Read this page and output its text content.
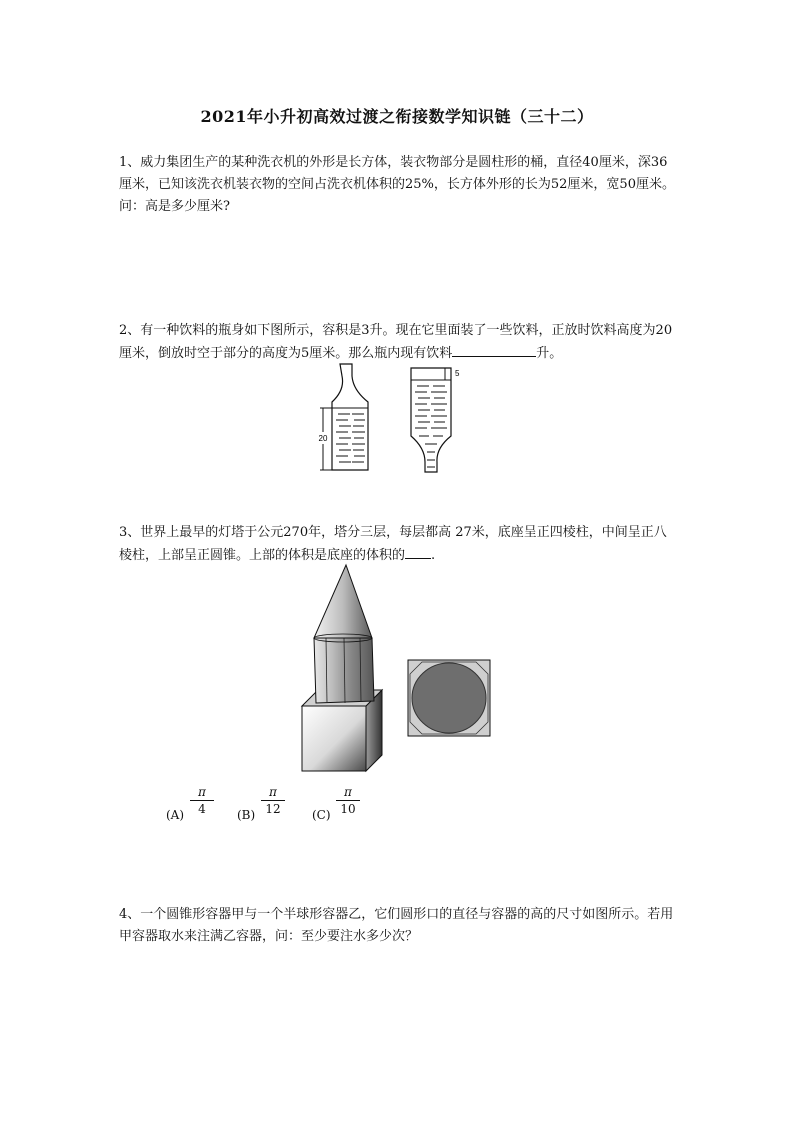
2021年小升初高效过渡之衔接数学知识链（三十二）
1、威力集团生产的某种洗衣机的外形是长方体，装衣物部分是圆柱形的桶，直径40厘米，深36厘米，已知该洗衣机装衣物的空间占洗衣机体积的25%，长方体外形的长为52厘米，宽50厘米。问：高是多少厘米?
2、有一种饮料的瓶身如下图所示，容积是3升。现在它里面装了一些饮料，正放时饮料高度为20厘米，倒放时空于部分的高度为5厘米。那么瓶内现有饮料	升。
20
5
3、世界上最早的灯塔于公元270年，塔分三层，每层都高 27米，底座呈正四棱柱，中间呈正八棱柱，上部呈正圆锥。上部的体积是底座的体积的 .
$(A) \frac{\pi}{4} (B) \frac{\pi}{12} (C) \frac{\pi}{10}$
4、一个圆锥形容器甲与一个半球形容器乙，它们圆形口的直径与容器的高的尺寸如图所示。若用甲容器取水来注满乙容器，问：至少要注水多少次？
